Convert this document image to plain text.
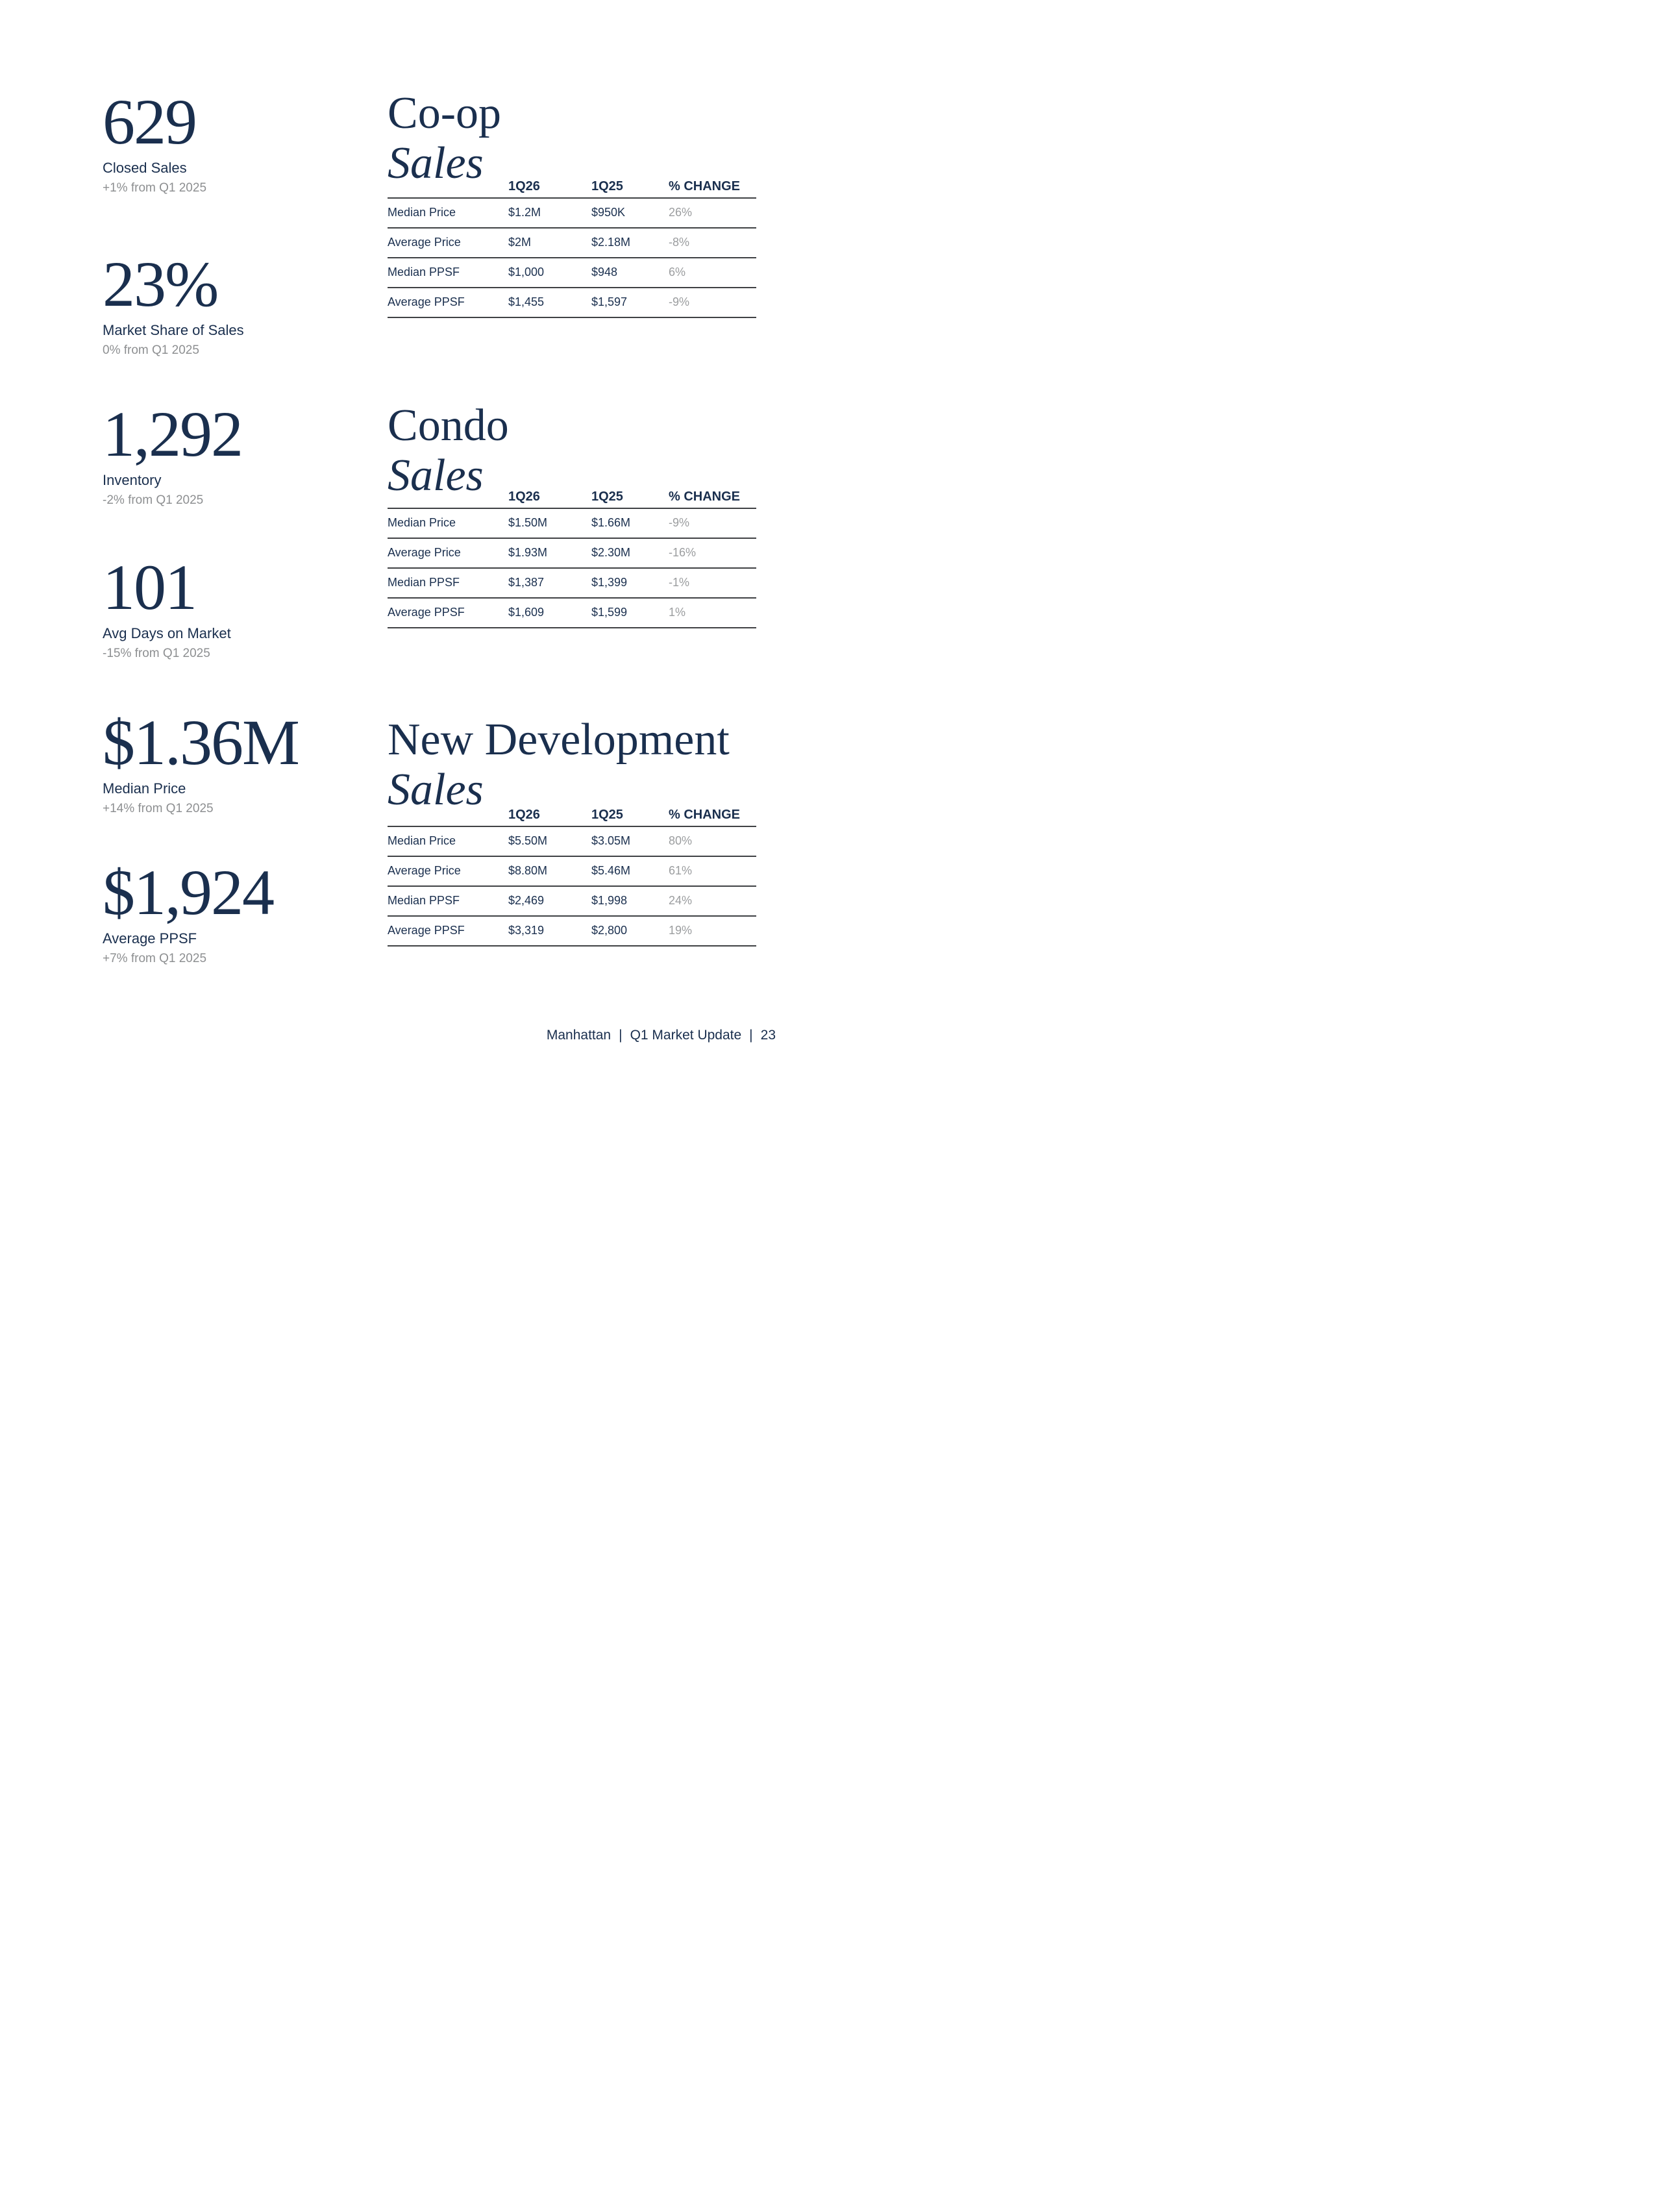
629
Closed Sales
+1% from Q1 2025
23%
Market Share of Sales
0% from Q1 2025
1,292
Inventory
-2% from Q1 2025
101
Avg Days on Market
-15% from Q1 2025
$1.36M
Median Price
+14% from Q1 2025
$1,924
Average PPSF
+7% from Q1 2025
Co-op
Sales	1Q26	1Q25	% CHANGE
Median Price	$1.2M	$950K	26%
Average Price	$2M	$2.18M	-8%
Median PPSF	$1,000	$948	6%
Average PPSF	$1,455	$1,597	-9%
Condo
Sales	1Q26	1Q25	% CHANGE
Median Price	$1.50M	$1.66M	-9%
Average Price	$1.93M	$2.30M	-16%
Median PPSF	$1,387	$1,399	-1%
Average PPSF	$1,609	$1,599	1%
New Development
Sales	1Q26	1Q25	% CHANGE
Median Price	$5.50M	$3.05M	80%
Average Price	$8.80M	$5.46M	61%
Median PPSF	$2,469	$1,998	24%
Average PPSF	$3,319	$2,800	19%
Manhattan | Q1 Market Update | 23
